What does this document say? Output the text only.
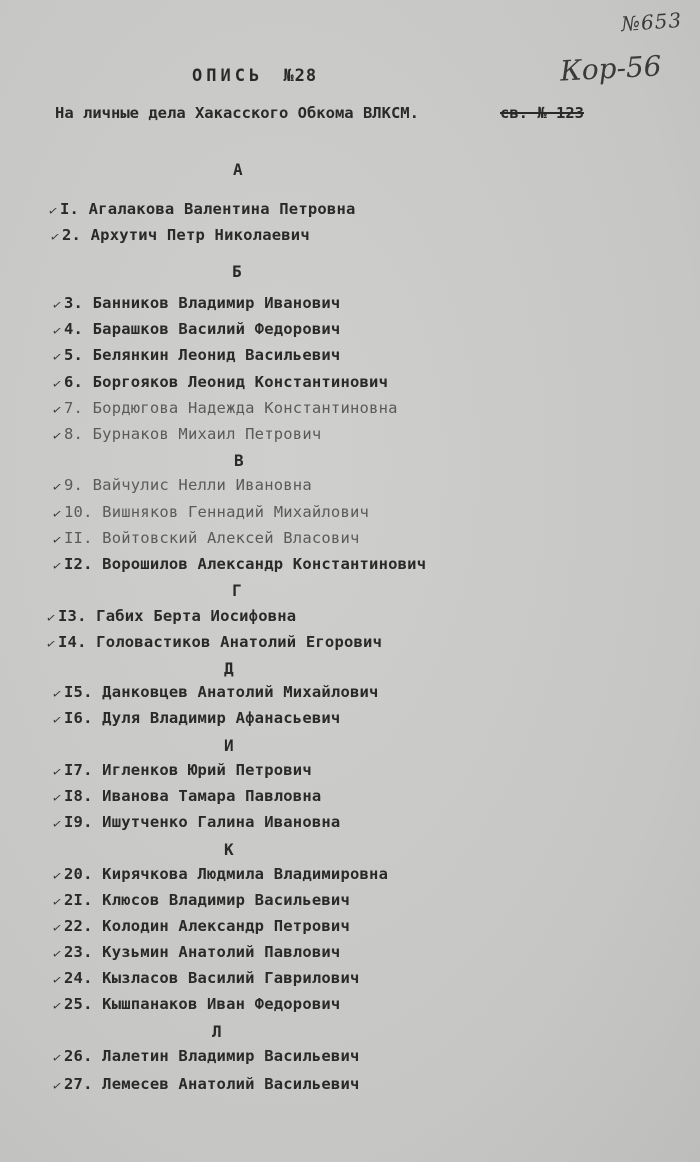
№653
Кор-56
ОПИСЬ №28
На личные дела Хакасского Обкома ВЛКСМ.	св. № 123
А
✓I. Агалакова Валентина Петровна
✓2. Архутич Петр Николаевич
Б
✓3. Банников Владимир Иванович
✓4. Барашков Василий Федорович
✓5. Белянкин Леонид Васильевич
✓6. Боргояков Леонид Константинович
✓7. Бордюгова Надежда Константиновна
✓8. Бурнаков Михаил Петрович
В
✓9. Вайчулис Нелли Ивановна
✓10. Вишняков Геннадий Михайлович
✓II. Войтовский Алексей Власович
✓I2. Ворошилов Александр Константинович
Г
✓I3. Габих Берта Иосифовна
✓I4. Головастиков Анатолий Егорович
Д
✓I5. Данковцев Анатолий Михайлович
✓I6. Дуля Владимир Афанасьевич
И
✓I7. Игленков Юрий Петрович
✓I8. Иванова Тамара Павловна
✓I9. Ишутченко Галина Ивановна
К
✓20. Кирячкова Людмила Владимировна
✓2I. Клюсов Владимир Васильевич
✓22. Колодин Александр Петрович
✓23. Кузьмин Анатолий Павлович
✓24. Кызласов Василий Гаврилович
✓25. Кышпанаков Иван Федорович
Л
✓26. Лалетин Владимир Васильевич
✓27. Лемесев Анатолий Васильевич
